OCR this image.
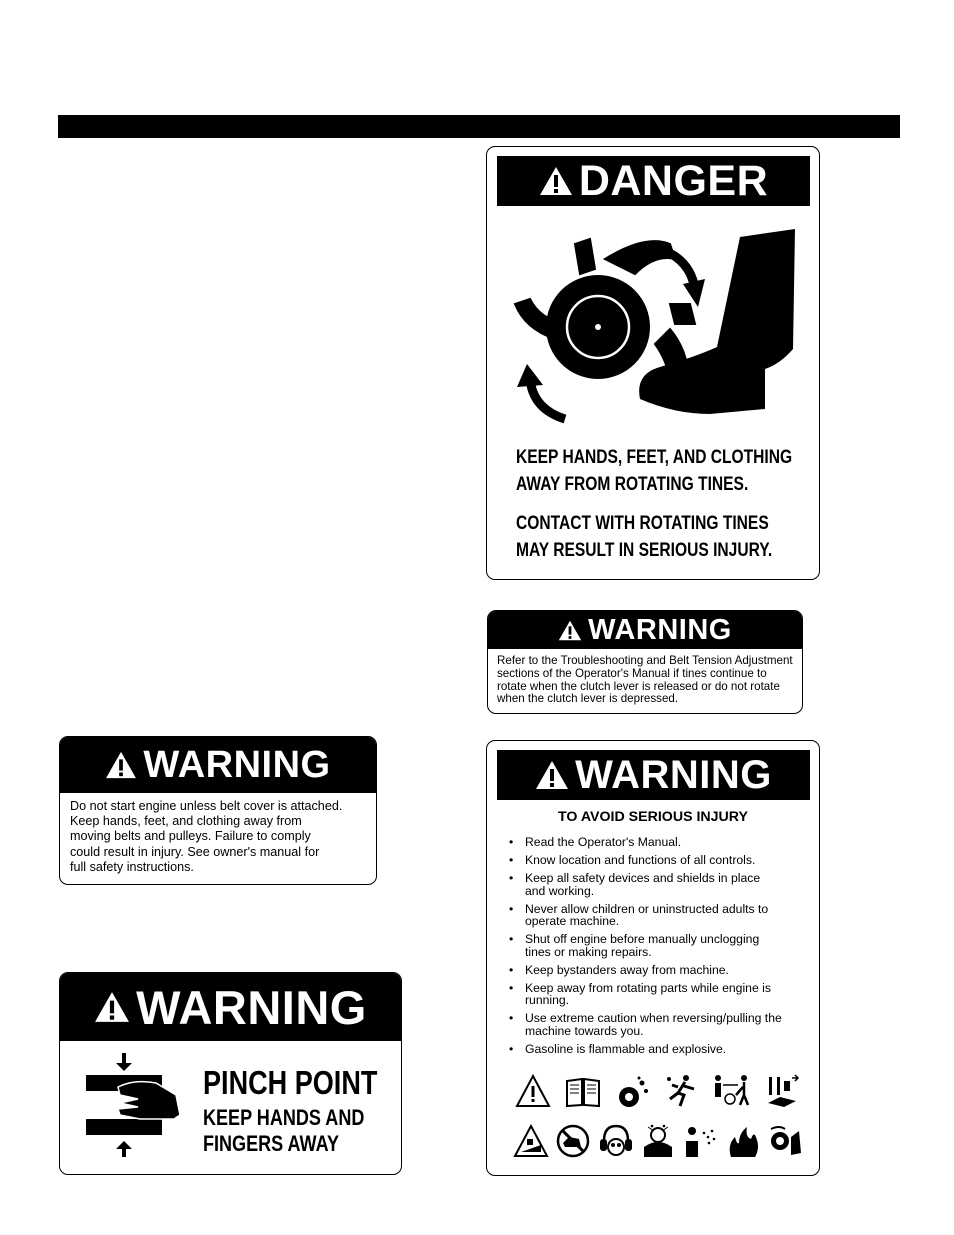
DANGER
KEEP HANDS, FEET, AND CLOTHING
AWAY FROM ROTATING TINES.
CONTACT WITH ROTATING TINES
MAY RESULT IN SERIOUS INJURY.
WARNING
Refer to the Troubleshooting and Belt Tension Adjustment sections of the Operator's Manual if tines continue to rotate when the clutch lever is released or do not rotate when the clutch lever is depressed.
WARNING
Do not start engine unless belt cover is attached.
Keep hands, feet, and clothing away from
moving belts and pulleys. Failure to comply
could result in injury. See owner's manual for
full safety instructions.
WARNING
PINCH POINT
KEEP HANDS AND
FINGERS AWAY
WARNING
TO AVOID SERIOUS INJURY
• Read the Operator's Manual.
• Know location and functions of all controls.
• Keep all safety devices and shields in place
and working.
• Never allow children or uninstructed adults to
operate machine.
• Shut off engine before manually unclogging
tines or making repairs.
• Keep bystanders away from machine.
• Keep away from rotating parts while engine is
running.
• Use extreme caution when reversing/pulling the
machine towards you.
• Gasoline is flammable and explosive.
